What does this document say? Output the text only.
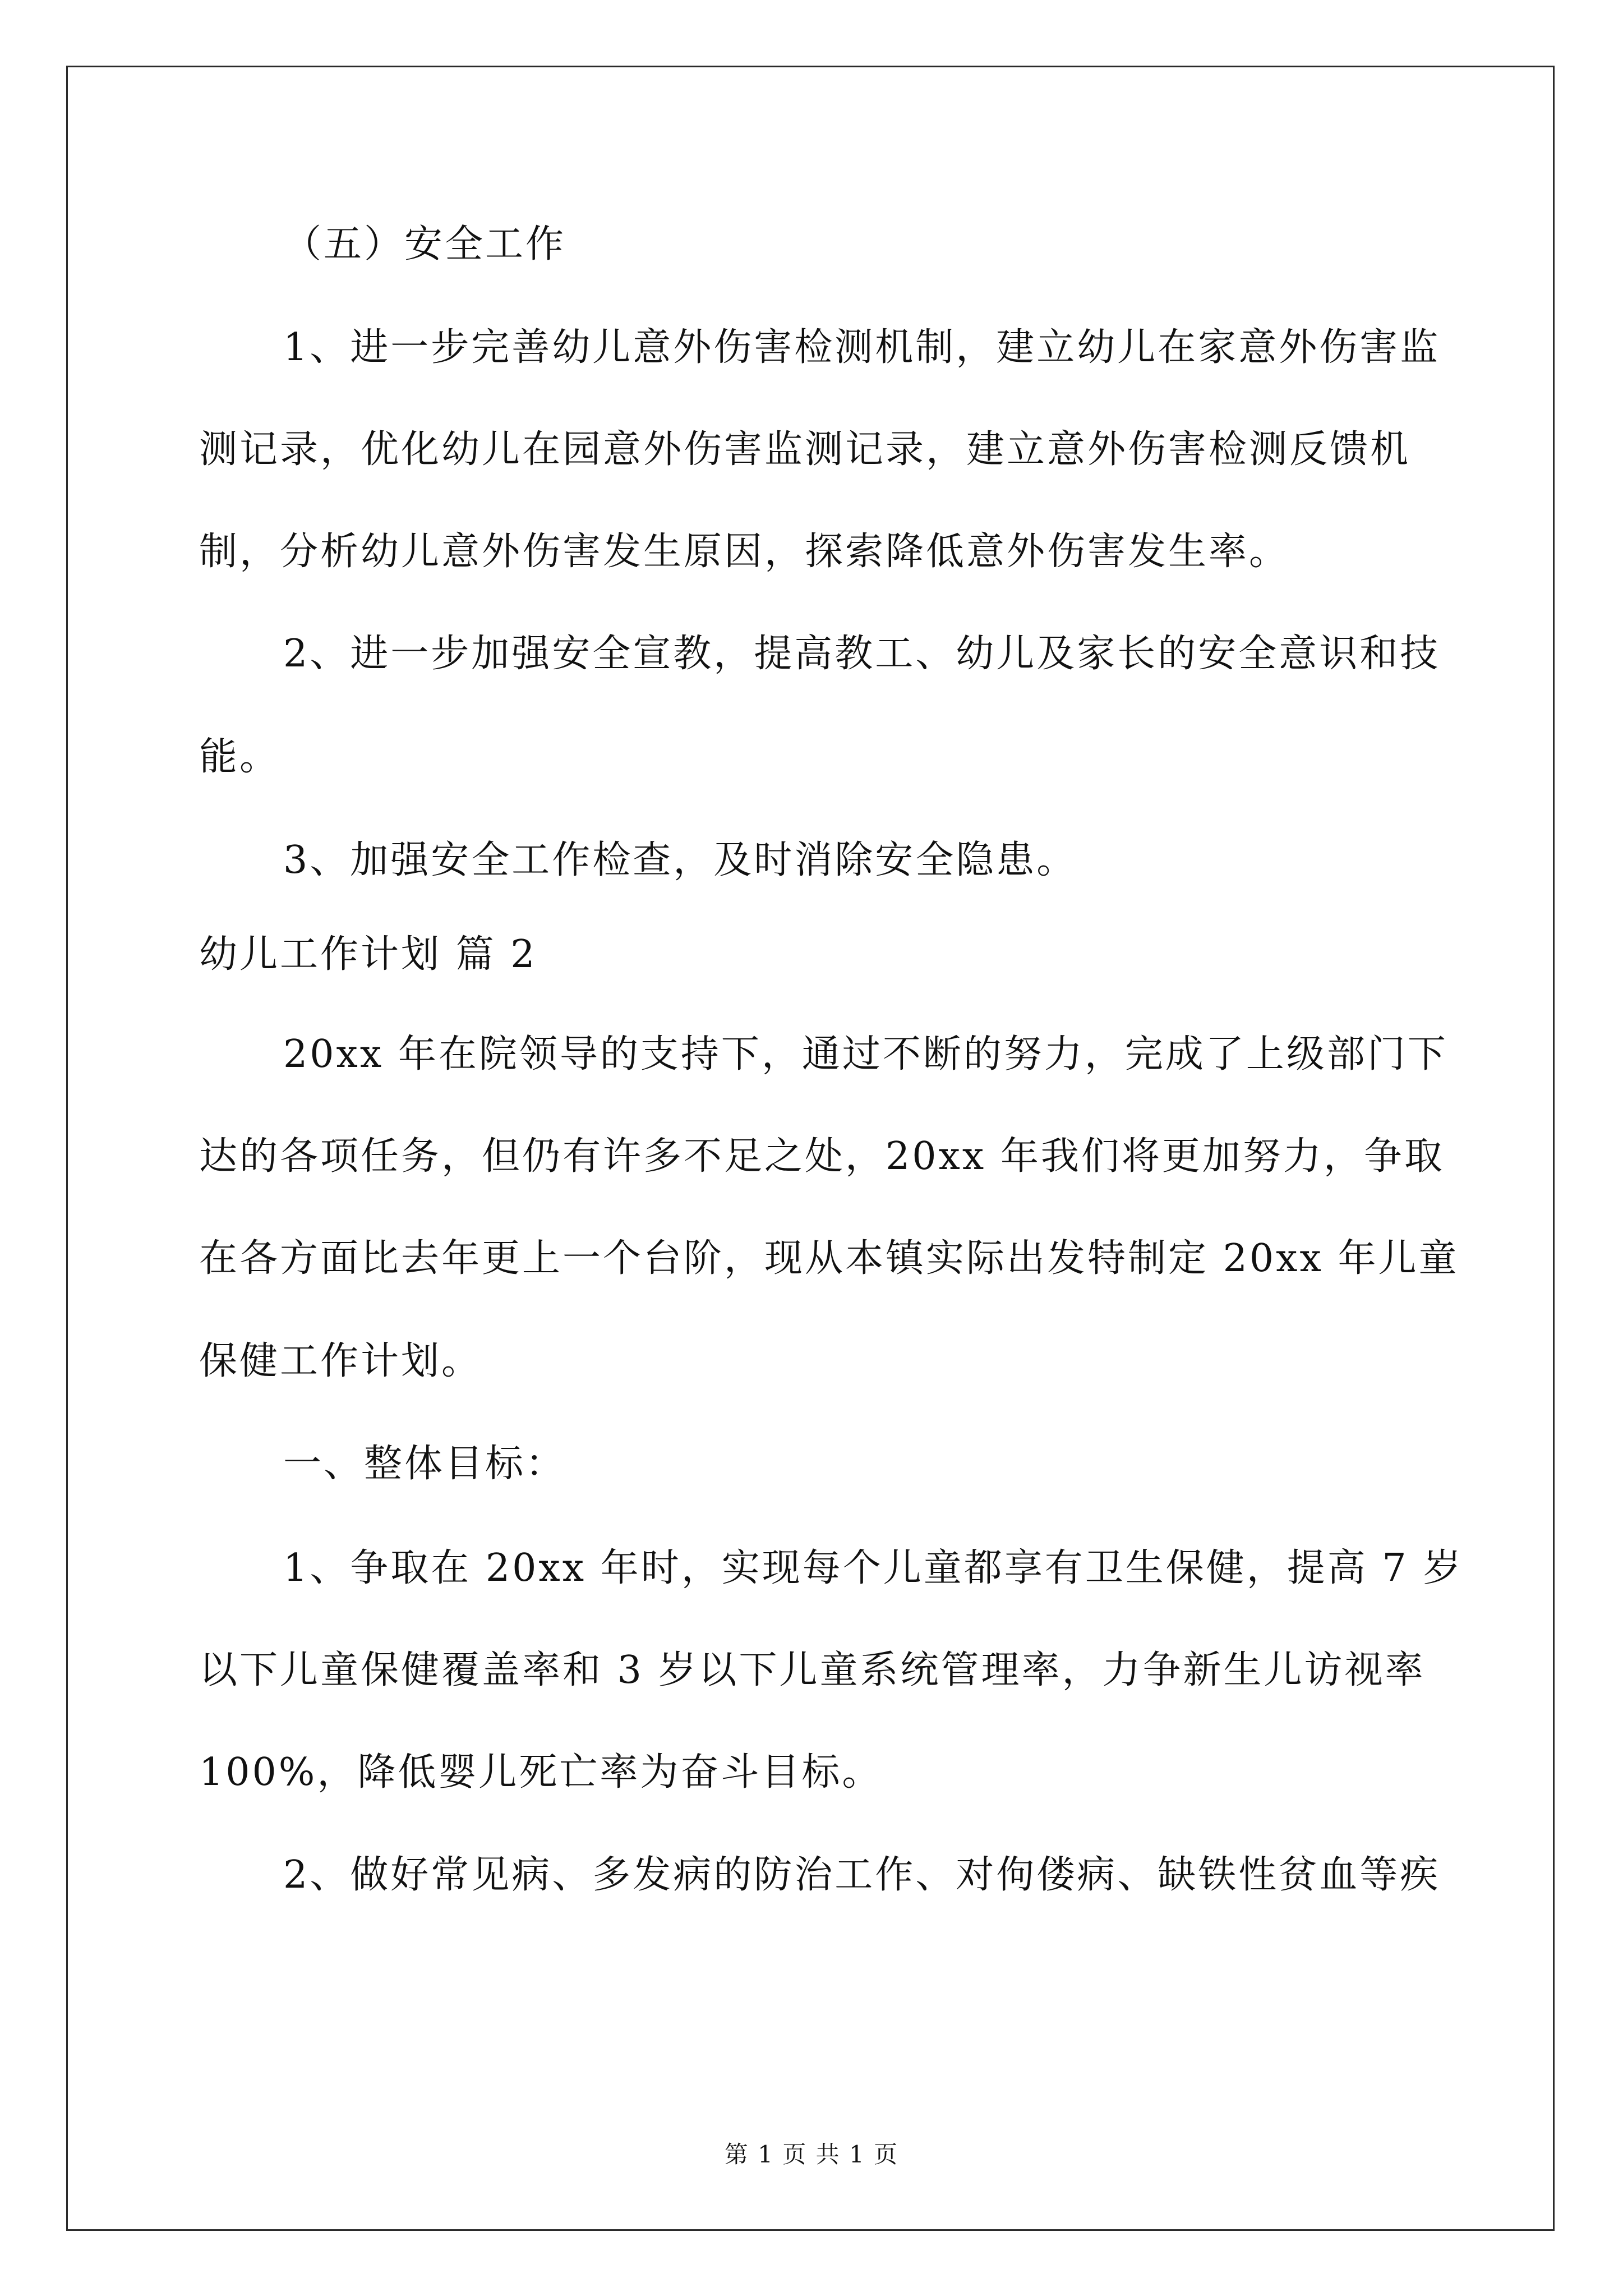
（五）安全工作
1、进一步完善幼儿意外伤害检测机制，建立幼儿在家意外伤害监
测记录，优化幼儿在园意外伤害监测记录，建立意外伤害检测反馈机
制，分析幼儿意外伤害发生原因，探索降低意外伤害发生率。
2、进一步加强安全宣教，提高教工、幼儿及家长的安全意识和技
能。
3、加强安全工作检查，及时消除安全隐患。
幼儿工作计划 篇 2
20xx 年在院领导的支持下，通过不断的努力，完成了上级部门下
达的各项任务，但仍有许多不足之处，20xx 年我们将更加努力，争取
在各方面比去年更上一个台阶，现从本镇实际出发特制定 20xx 年儿童
保健工作计划。
一、整体目标：
1、争取在 20xx 年时，实现每个儿童都享有卫生保健，提高 7 岁
以下儿童保健覆盖率和 3 岁以下儿童系统管理率，力争新生儿访视率
100%，降低婴儿死亡率为奋斗目标。
2、做好常见病、多发病的防治工作、对佝偻病、缺铁性贫血等疾
第 1 页 共 1 页
